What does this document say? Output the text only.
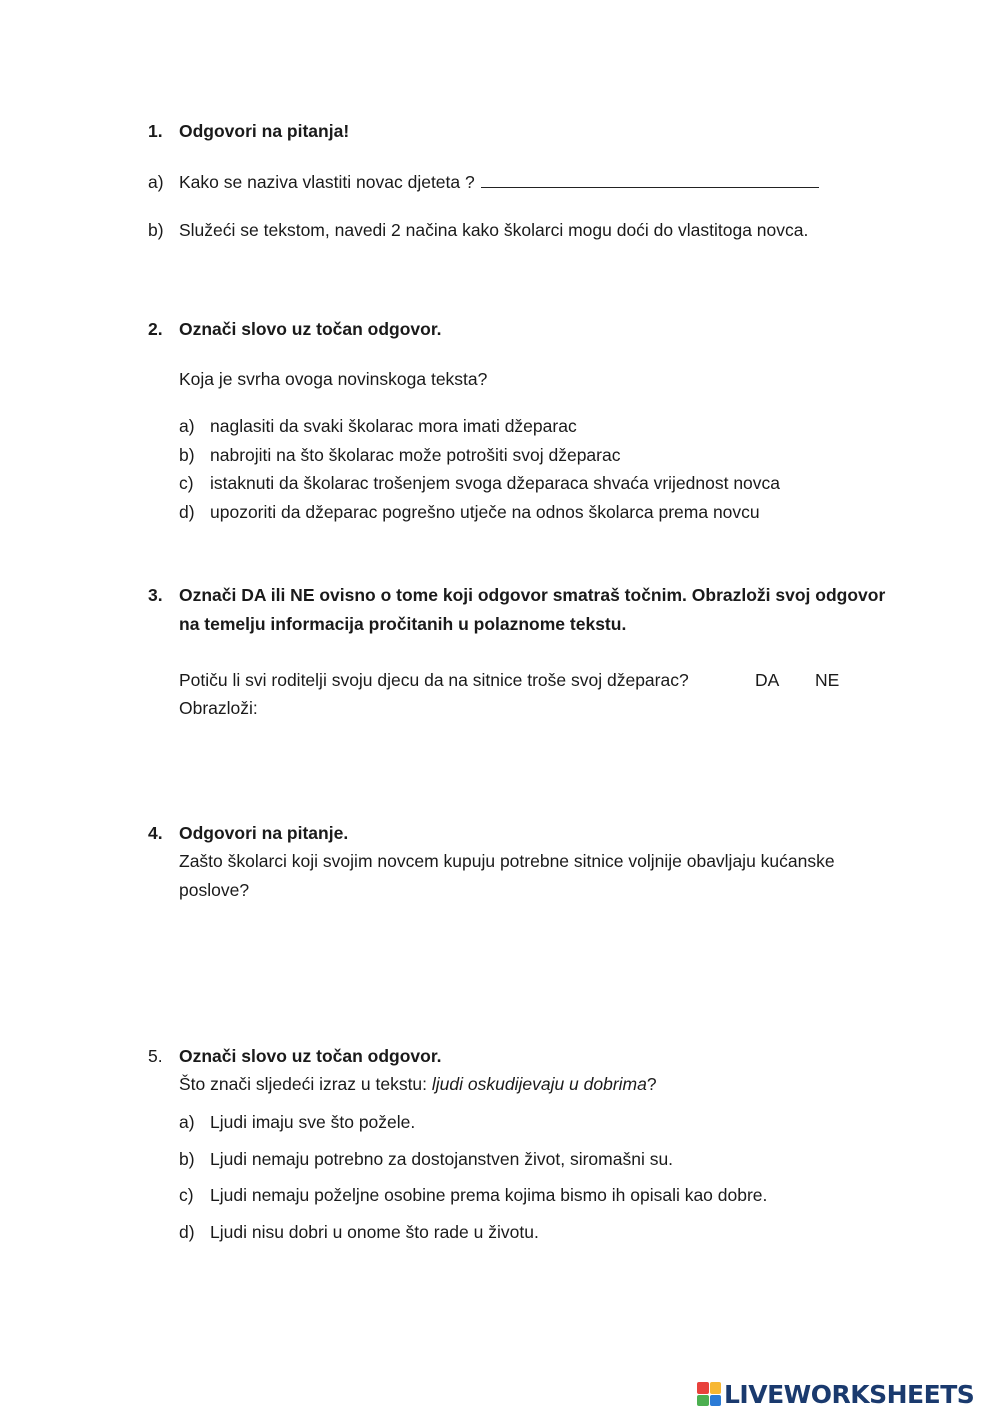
1. Odgovori na pitanja!
a) Kako se naziva vlastiti novac djeteta ?
b) Služeći se tekstom, navedi 2 načina kako školarci mogu doći do vlastitoga novca.
2. Označi slovo uz točan odgovor.
Koja je svrha ovoga novinskoga teksta?
a) naglasiti da svaki školarac mora imati džeparac
b) nabrojiti na što školarac može potrošiti svoj džeparac
c) istaknuti da školarac trošenjem svoga džeparaca shvaća vrijednost novca
d) upozoriti da džeparac pogrešno utječe na odnos školarca prema novcu
3. Označi DA ili NE ovisno o tome koji odgovor smatraš točnim. Obrazloži svoj odgovor
na temelju informacija pročitanih u polaznome tekstu.
Potiču li svi roditelji svoju djecu da na sitnice troše svoj džeparac?	DA NE
Obrazloži:
4. Odgovori na pitanje.
Zašto školarci koji svojim novcem kupuju potrebne sitnice voljnije obavljaju kućanske
poslove?
5. Označi slovo uz točan odgovor.
Što znači sljedeći izraz u tekstu: ljudi oskudijevaju u dobrima?
a) Ljudi imaju sve što požele.
b) Ljudi nemaju potrebno za dostojanstven život, siromašni su.
c) Ljudi nemaju poželjne osobine prema kojima bismo ih opisali kao dobre.
d) Ljudi nisu dobri u onome što rade u životu.
LIVEWORKSHEETS
